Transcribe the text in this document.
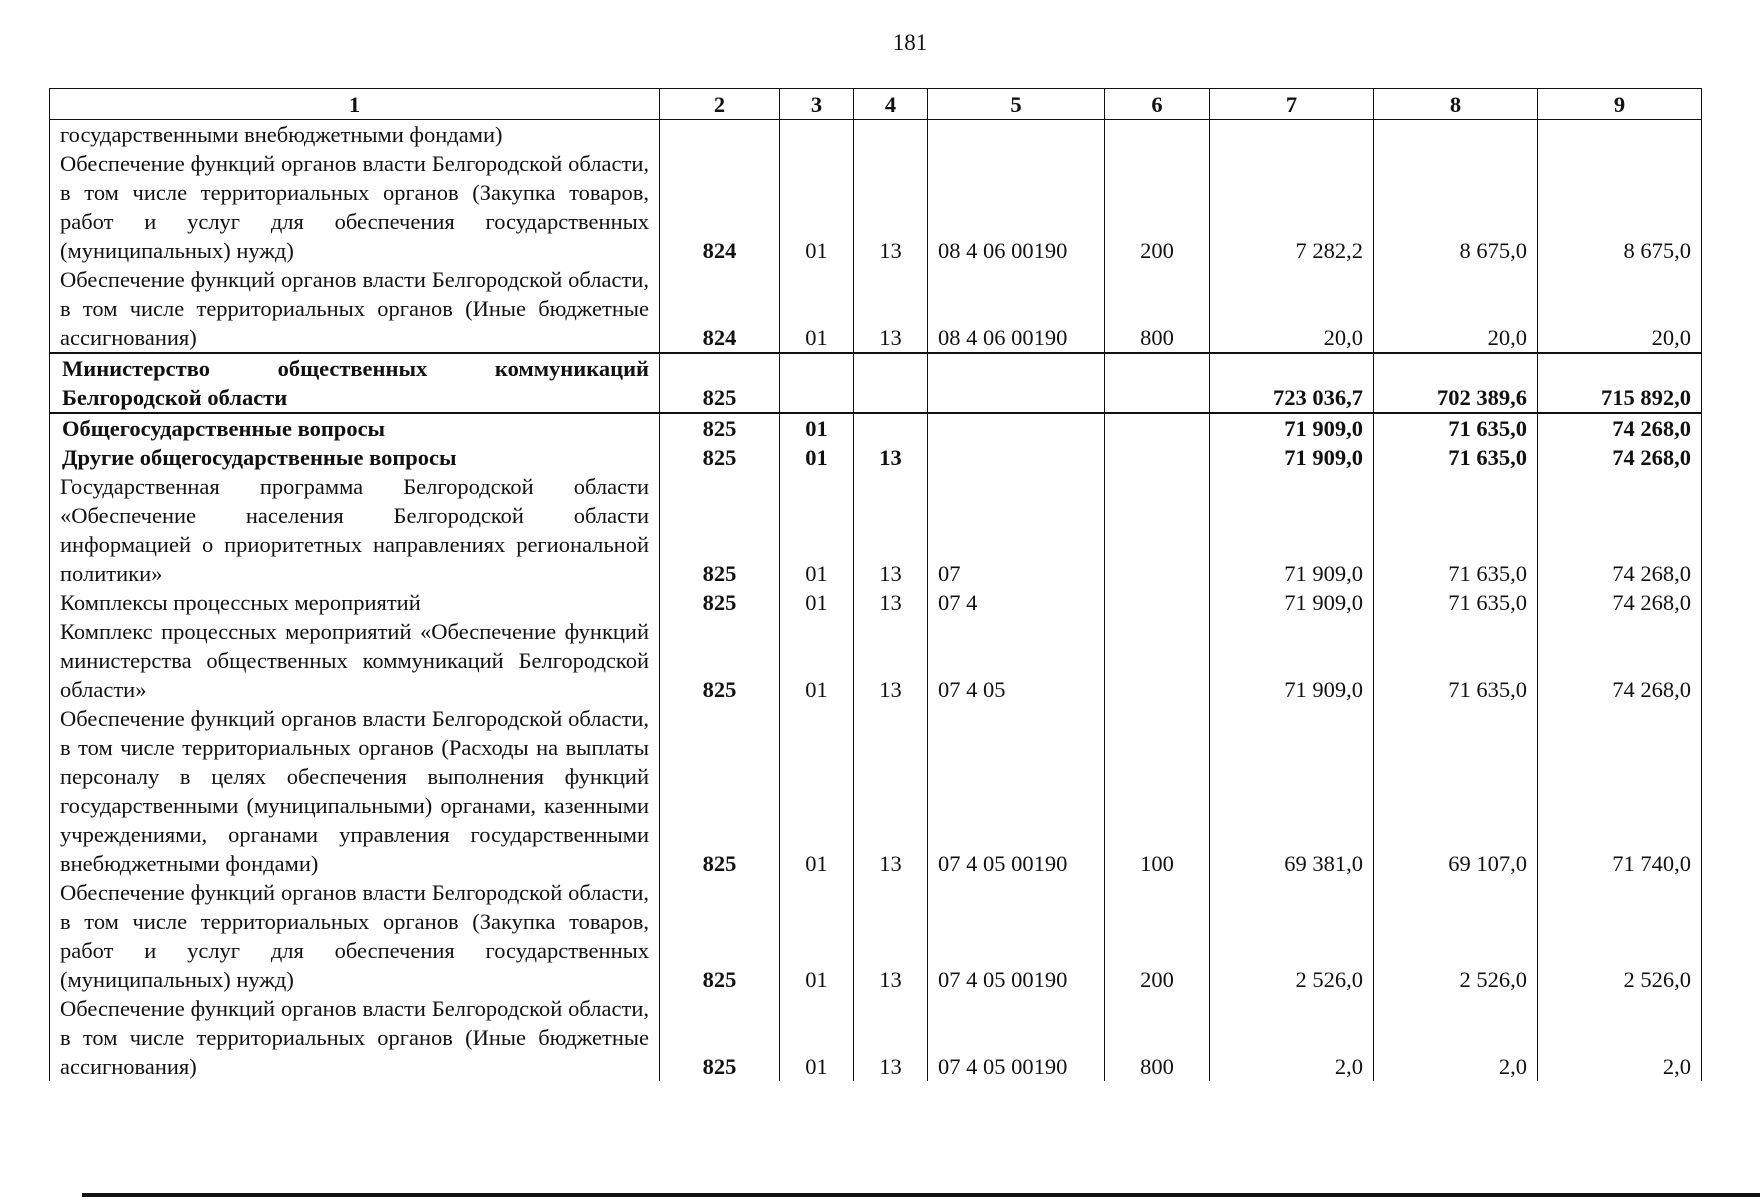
181
1	2	3	4	5	6	7	8	9
государственными внебюджетными фондами)								
Обеспечение функций органов власти Белгородской области, в том числе территориальных органов (Закупка товаров, работ и услуг для обеспечения государственных (муниципальных) нужд)	824	01	13	08 4 06 00190	200	7 282,2	8 675,0	8 675,0
Обеспечение функций органов власти Белгородской области, в том числе территориальных органов (Иные бюджетные ассигнования)	824	01	13	08 4 06 00190	800	20,0	20,0	20,0
Министерство общественных коммуникаций Белгородской области	825					723 036,7	702 389,6	715 892,0
Общегосударственные вопросы	825	01				71 909,0	71 635,0	74 268,0
Другие общегосударственные вопросы	825	01	13			71 909,0	71 635,0	74 268,0
Государственная программа Белгородской области «Обеспечение населения Белгородской области информацией о приоритетных направлениях региональной политики»	825	01	13	07		71 909,0	71 635,0	74 268,0
Комплексы процессных мероприятий	825	01	13	07 4		71 909,0	71 635,0	74 268,0
Комплекс процессных мероприятий «Обеспечение функций министерства общественных коммуникаций Белгородской области»	825	01	13	07 4 05		71 909,0	71 635,0	74 268,0
Обеспечение функций органов власти Белгородской области, в том числе территориальных органов (Расходы на выплаты персоналу в целях обеспечения выполнения функций государственными (муниципальными) органами, казенными учреждениями, органами управления государственными внебюджетными фондами)	825	01	13	07 4 05 00190	100	69 381,0	69 107,0	71 740,0
Обеспечение функций органов власти Белгородской области, в том числе территориальных органов (Закупка товаров, работ и услуг для обеспечения государственных (муниципальных) нужд)	825	01	13	07 4 05 00190	200	2 526,0	2 526,0	2 526,0
Обеспечение функций органов власти Белгородской области, в том числе территориальных органов (Иные бюджетные ассигнования)	825	01	13	07 4 05 00190	800	2,0	2,0	2,0
